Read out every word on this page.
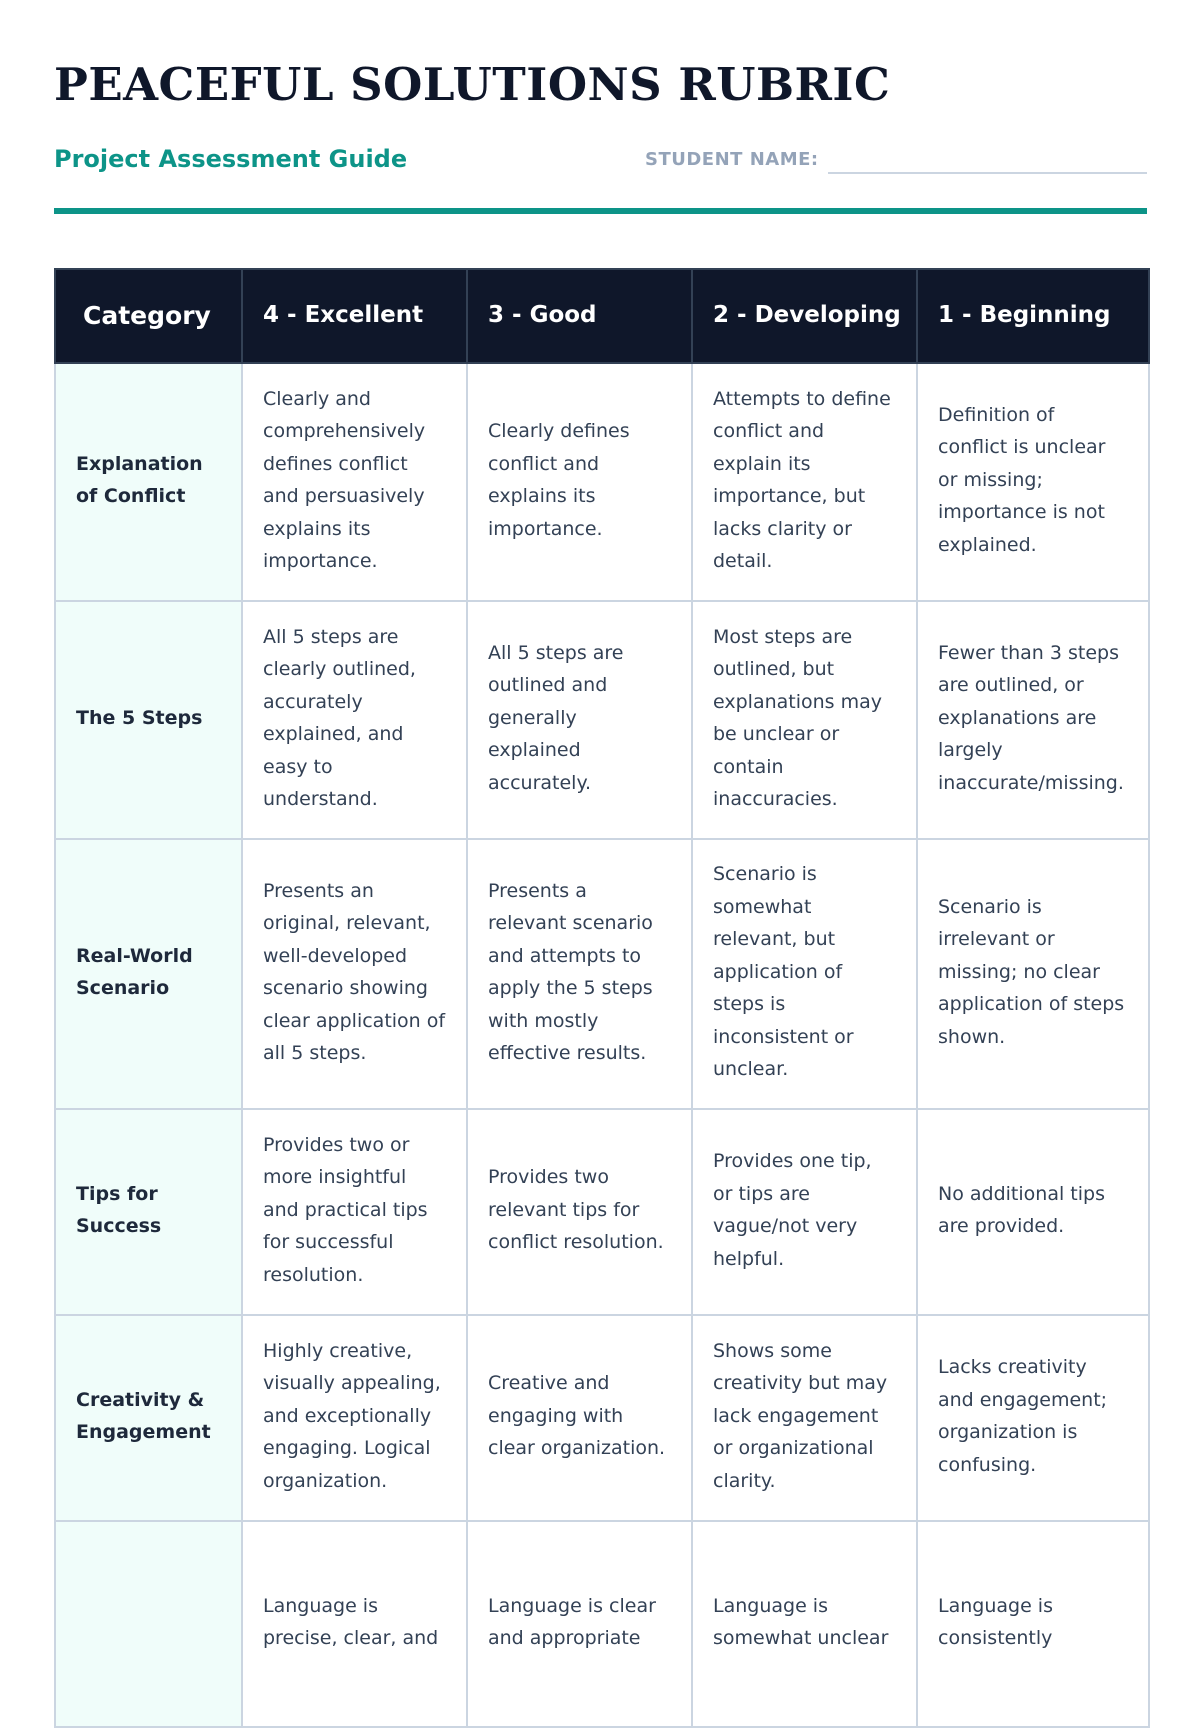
PEACEFUL SOLUTIONS RUBRIC
Project Assessment Guide	STUDENT NAME:
Category	4 - Excellent	3 - Good	2 - Developing	1 - Beginning
Explanation of Conflict	Clearly and comprehensively defines conflict and persuasively explains its importance.	Clearly defines conflict and explains its importance.	Attempts to define conflict and explain its importance, but lacks clarity or detail.	Definition of conflict is unclear or missing; importance is not explained.
The 5 Steps	All 5 steps are clearly outlined, accurately explained, and easy to understand.	All 5 steps are outlined and generally explained accurately.	Most steps are outlined, but explanations may be unclear or contain inaccuracies.	Fewer than 3 steps are outlined, or explanations are largely inaccurate/missing.
Real-World Scenario	Presents an original, relevant, well-developed scenario showing clear application of all 5 steps.	Presents a relevant scenario and attempts to apply the 5 steps with mostly effective results.	Scenario is somewhat relevant, but application of steps is inconsistent or unclear.	Scenario is irrelevant or missing; no clear application of steps shown.
Tips for Success	Provides two or more insightful and practical tips for successful resolution.	Provides two relevant tips for conflict resolution.	Provides one tip, or tips are vague/not very helpful.	No additional tips are provided.
Creativity & Engagement	Highly creative, visually appealing, and exceptionally engaging. Logical organization.	Creative and engaging with clear organization.	Shows some creativity but may lack engagement or organizational clarity.	Lacks creativity and engagement; organization is confusing.
	Language is precise, clear, and	Language is clear and appropriate	Language is somewhat unclear	Language is consistently
